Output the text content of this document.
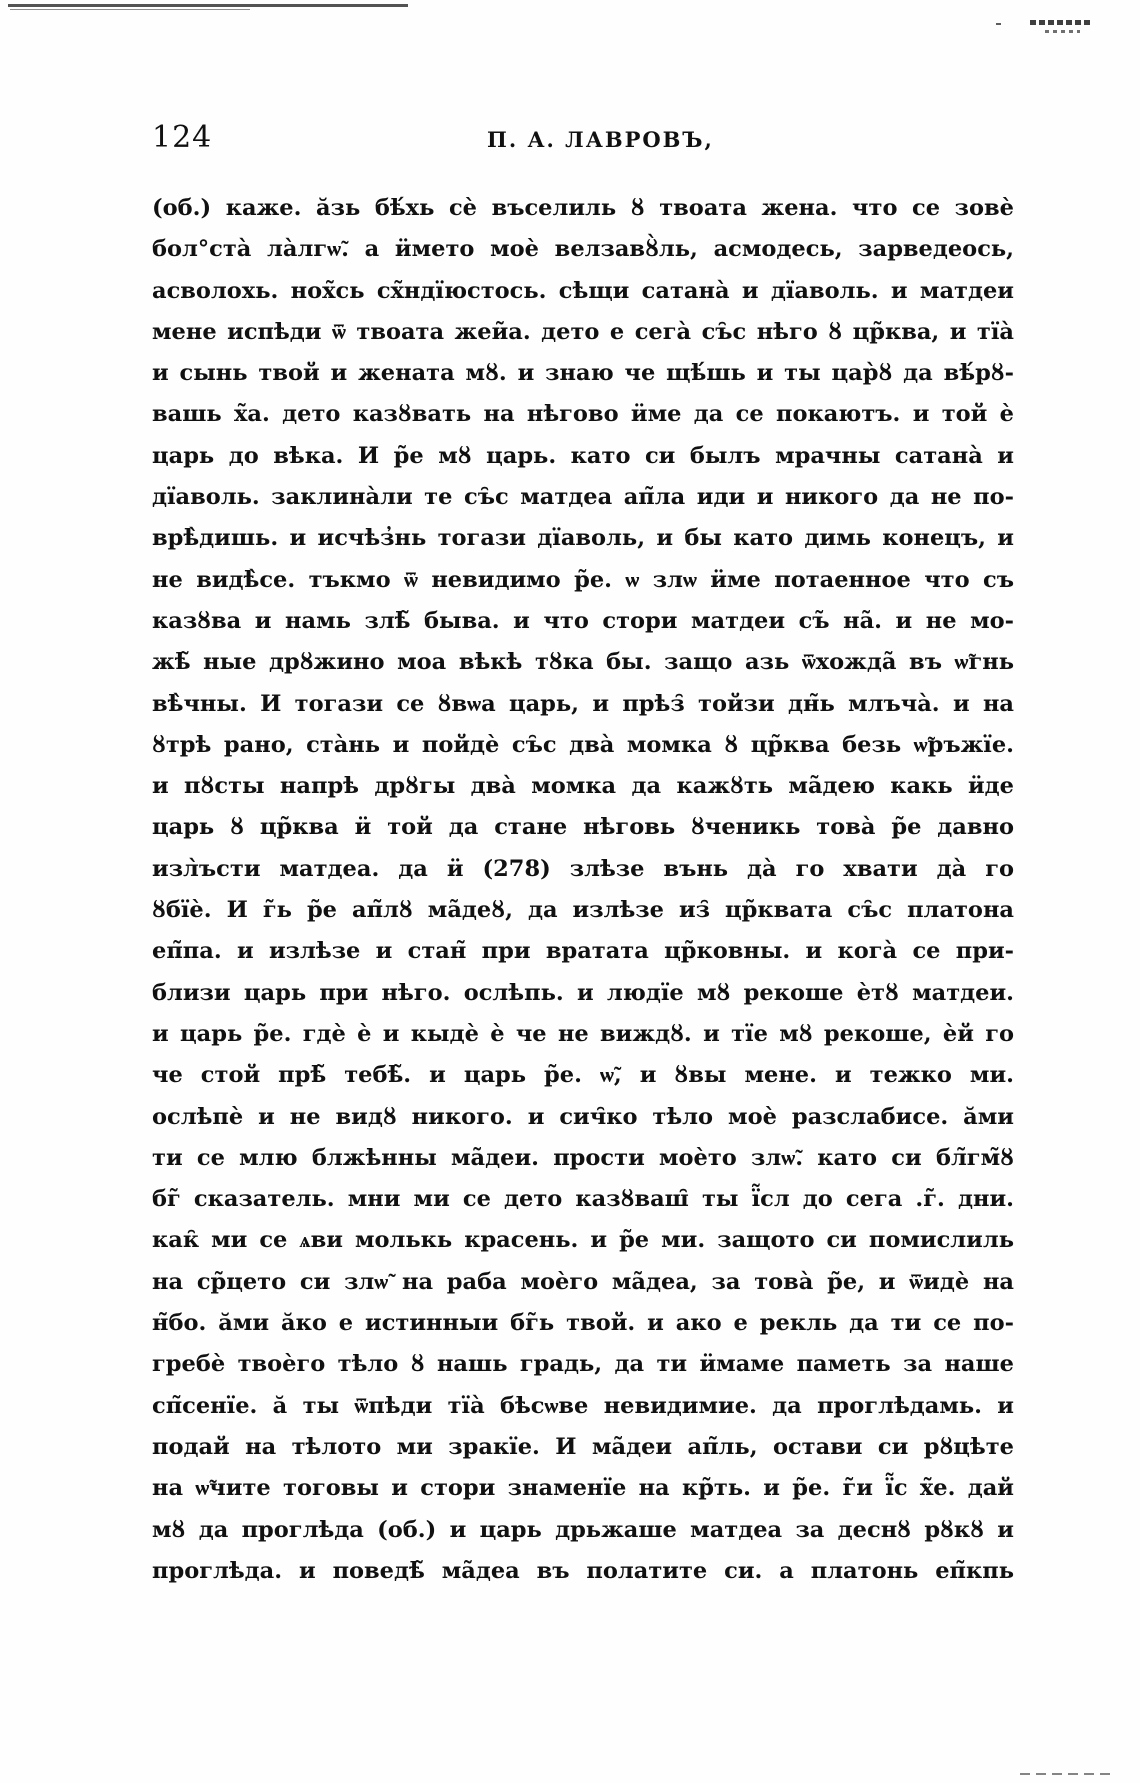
124	П. А. ЛАВРОВЪ,
(об.) каже. ӑзь бѣ́хь сѐ въселиль ȣ твоата жена. что се зовѐ
бол°ста̀ ла̀лгѡ̃. а ӥмето моѐ велзавȣ̀ль, асмодесь, зарведеось,
асволохь. нох̃сь сх̃ндїюстось. сѣщи сатана̀ и дїаволь. и матдеи
мене испѣди ѿ твоата жеи̃а. дето е сега̀ съ̑с нѣго ȣ цр̃ква, и тїа̀
и сынь твой и женатa мȣ. и знаю че щѣ́шь и ты цар̀ȣ да вѣ́рȣ-
вашь х̃а. дето казȣвать на нѣгово ӥме да се покаютъ. и той ѐ
царь до вѣка. И р̃е мȣ царь. като си былъ мрачны сатана̀ и
дїаволь. заклина̀ли те съ̑с матдеа ап̃ла иди и никого да не по-
врѣ̀дишь. и исчѣз̓нь тогази дїаволь, и бы като димь конецъ, и
не видѣ̀се. тъкмо ѿ невидимо р̃е. ѡ злѡ ӥме потаенное что съ
казȣва и намь злѣ̃ быва. и что стори матдеи съ̃ на̃. и не мо-
жѣ̃ ные дрȣжино моа вѣкѣ тȣка бы. защо азь ѿхожда̃ въ ѡ̃гнь
вѣ̀чны. И тогази се ȣвѡа царь, и прѣз̑ тойзи дн̃ь млъча̀. и на
ȣтрѣ рано, ста̀нь и пойдѐ съ̑с два̀ момка ȣ цр̃ква безь ѡ̃ръжїе.
и пȣсты напрѣ дрȣгы два̀ момка да кажȣть ма̃дею какь ӥде
царь ȣ цр̃ква ӥ той да стане нѣговь ȣченикь това̀ р̃е давно
изл̀ъсти матдеа. да ӥ (278) злѣзе вънь да̀ го хвати да̀ го
ȣбїѐ. И г̃ь р̃е ап̃лȣ ма̃деȣ, да излѣзе из̑ цр̃квата съ̑с платона
еп̃па. и излѣзе и стан̃ при вратата цр̃ковны. и кога̀ се при-
близи царь при нѣго. ослѣпь. и людїе мȣ рекоше ѐтȣ матдеи.
и царь р̃е. гдѐ ѐ и кыдѐ ѐ че не виждȣ. и тїе мȣ рекоше, ѐй го
че стой прѣ̃ тебѣ̃. и царь р̃е. ѡ̃, и ȣвы мене. и тежко ми.
ослѣпѐ и не видȣ никого. и сич̑ко тѣло моѐ разслабисе. ӑми
ти се млю блжѣнны ма̃деи. прости моѐто злѡ̃. като си бл̃гм̃ȣ
бг̃ сказатель. мни ми се дето казȣваш̑ ты ї̃сл до сега .г̃. дни.
как̑ ми се ѧви молькь красень. и р̃е ми. защото си помислиль
на ср̃цето си злѡ̃ на раба моѐго ма̃деа, за това̀ р̃е, и ѿидѐ на
н̃бо. ӑми ӑко е истинныи бг̃ь твой. и ако е рекль да ти се по-
гребѐ твоѐго тѣло ȣ нашь градь, да ти ӥмаме паметь за наше
сп̃сенїе. ӑ ты ѿпѣди тїа̀ бѣсѡве невидимие. да проглѣдамь. и
подай на тѣлото ми зракїе. И ма̃деи ап̃ль, остави си рȣцѣте
на ѡ̃чите тоговы и стори знаменїе на кр̃ть. и р̃е. г̃и ї̃с х̃е. дай
мȣ да проглѣда (об.) и царь дрьжаше матдеа за деснȣ рȣкȣ и
проглѣда. и поведѣ̃ ма̃деа въ полатите си. а платонь еп̃кпь
